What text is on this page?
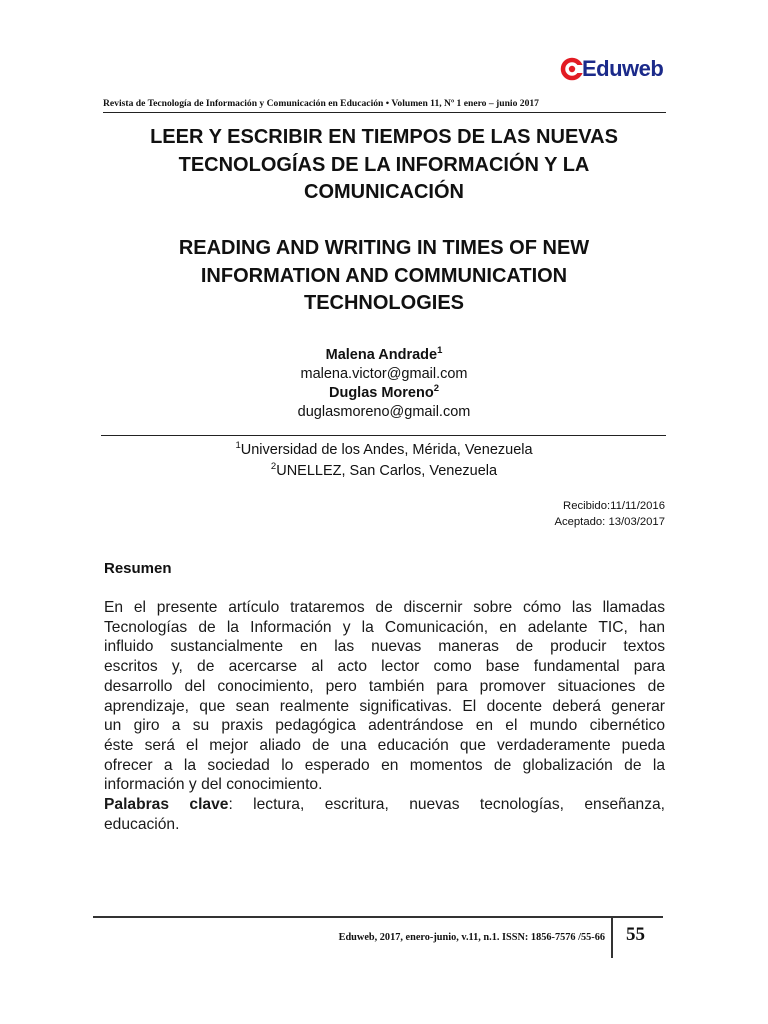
Eduweb
Revista de Tecnología de Información y Comunicación en Educación • Volumen 11, Nº 1 enero – junio 2017
LEER Y ESCRIBIR EN TIEMPOS DE LAS NUEVAS
TECNOLOGÍAS DE LA INFORMACIÓN Y LA
COMUNICACIÓN
READING AND WRITING IN TIMES OF NEW
INFORMATION AND COMMUNICATION
TECHNOLOGIES
Malena Andrade$^1$
malena.victor@gmail.com
Duglas Moreno$^2$
duglasmoreno@gmail.com
$^1$Universidad de los Andes, Mérida, Venezuela
$^2$UNELLEZ, San Carlos, Venezuela
Recibido:11/11/2016
Aceptado: 13/03/2017
Resumen
En el presente artículo trataremos de discernir sobre cómo las llamadas
Tecnologías de la Información y la Comunicación, en adelante TIC, han
influido sustancialmente en las nuevas maneras de producir textos
escritos y, de acercarse al acto lector como base fundamental para
desarrollo del conocimiento, pero también para promover situaciones de
aprendizaje, que sean realmente significativas. El docente deberá generar
un giro a su praxis pedagógica adentrándose en el mundo cibernético
éste será el mejor aliado de una educación que verdaderamente pueda
ofrecer a la sociedad lo esperado en momentos de globalización de la
información y del conocimiento.
Palabras clave: lectura, escritura, nuevas tecnologías, enseñanza,
educación.
Eduweb, 2017, enero-junio, v.11, n.1. ISSN: 1856-7576 /55-66 55
